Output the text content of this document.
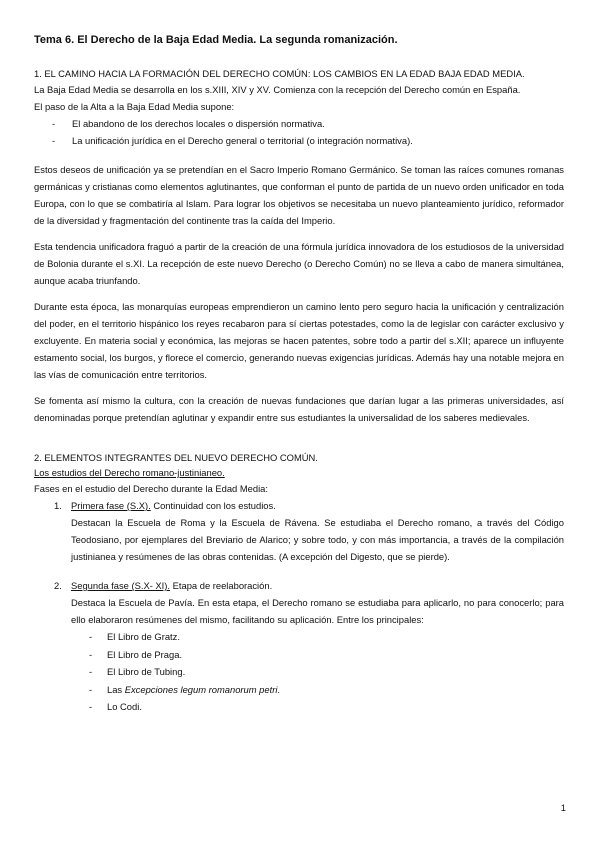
Tema 6. El Derecho de la Baja Edad Media. La segunda romanización.
1. EL CAMINO HACIA LA FORMACIÓN DEL DERECHO COMÚN: LOS CAMBIOS EN LA EDAD BAJA EDAD MEDIA.

La Baja Edad Media se desarrolla en los s.XIII, XIV y XV. Comienza con la recepción del Derecho común en España.

El paso de la Alta a la Baja Edad Media supone:

- El abandono de los derechos locales o dispersión normativa.
- La unificación jurídica en el Derecho general o territorial (o integración normativa).

Estos deseos de unificación ya se pretendían en el Sacro Imperio Romano Germánico. Se toman las raíces comunes romanas germánicas y cristianas como elementos aglutinantes, que conforman el punto de partida de un nuevo orden unificador en toda Europa, con lo que se combatiría al Islam. Para lograr los objetivos se necesitaba un nuevo planteamiento jurídico, reformador de la diversidad y fragmentación del continente tras la caída del Imperio.

Esta tendencia unificadora fraguó a partir de la creación de una fórmula jurídica innovadora de los estudiosos de la universidad de Bolonia durante el s.XI. La recepción de este nuevo Derecho (o Derecho Común) no se lleva a cabo de manera simultánea, aunque acaba triunfando.

Durante esta época, las monarquías europeas emprendieron un camino lento pero seguro hacia la unificación y centralización del poder, en el territorio hispánico los reyes recabaron para sí ciertas potestades, como la de legislar con carácter exclusivo y excluyente. En materia social y económica, las mejoras se hacen patentes, sobre todo a partir del s.XII; aparece un influyente estamento social, los burgos, y florece el comercio, generando nuevas exigencias jurídicas. Además hay una notable mejora en las vías de comunicación entre territorios.

Se fomenta así mismo la cultura, con la creación de nuevas fundaciones que darían lugar a las primeras universidades, así denominadas porque pretendían aglutinar y expandir entre sus estudiantes la universalidad de los saberes medievales.

2. ELEMENTOS INTEGRANTES DEL NUEVO DERECHO COMÚN.
Los estudios del Derecho romano-justinianeo.

Fases en el estudio del Derecho durante la Edad Media:

1. Primera fase (S.X). Continuidad con los estudios.
Destacan la Escuela de Roma y la Escuela de Rávena. Se estudiaba el Derecho romano, a través del Código Teodosiano, por ejemplares del Breviario de Alarico; y sobre todo, y con más importancia, a través de la compilación justinianea y resúmenes de las obras contenidas. (A excepción del Digesto, que se pierde).
2. Segunda fase (S.X- XI). Etapa de reelaboración.
Destaca la Escuela de Pavía. En esta etapa, el Derecho romano se estudiaba para aplicarlo, no para conocerlo; para ello elaboraron resúmenes del mismo, facilitando su aplicación. Entre los principales:
- El Libro de Gratz.
- El Libro de Praga.
- El Libro de Tubing.
- Las Excepciones legum romanorum petri.
- Lo Codi.
1
